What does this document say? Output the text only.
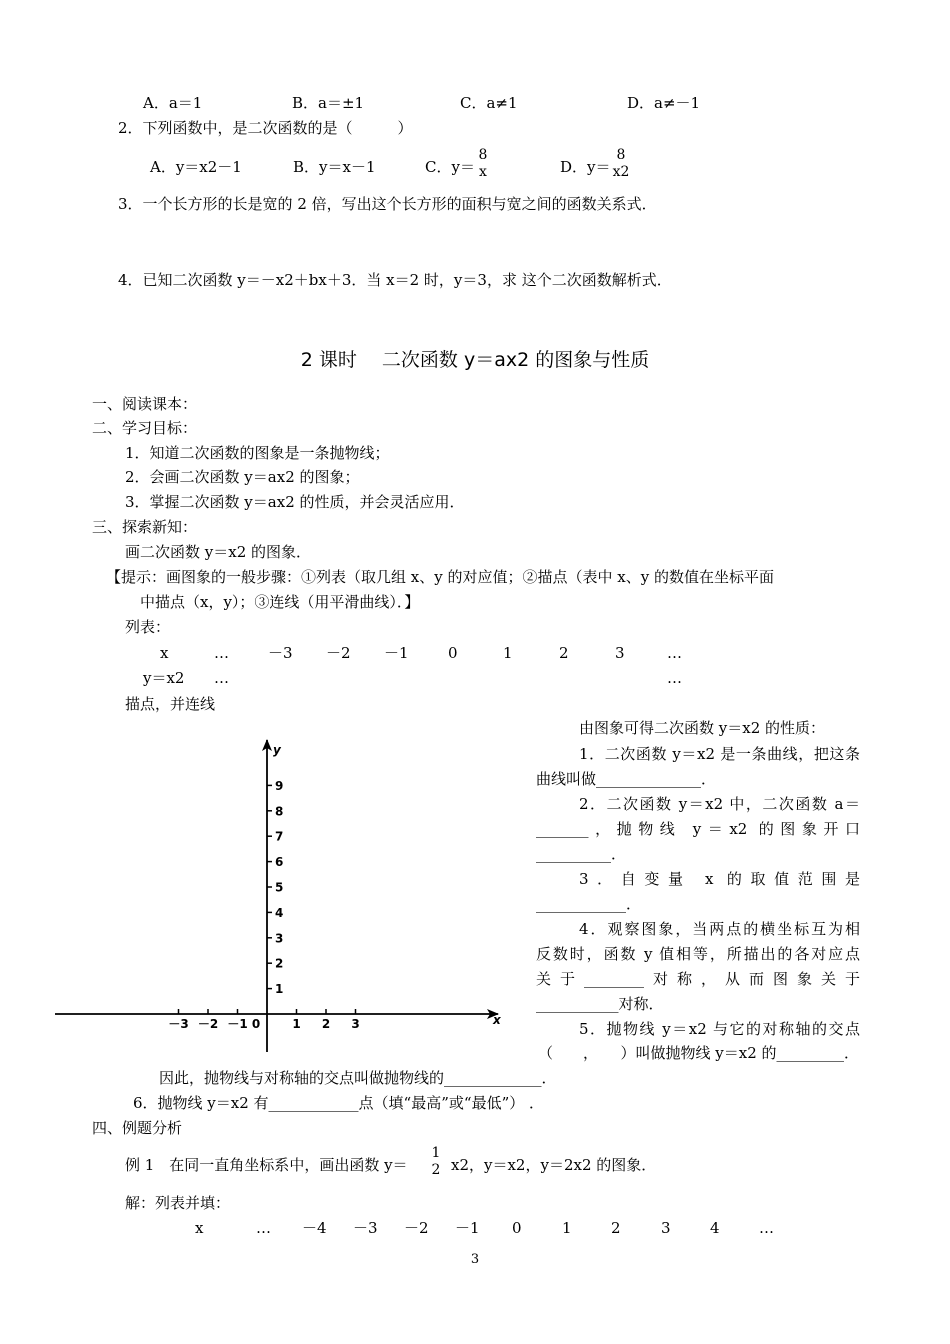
A．a＝1	B．a＝±1	C．a≠1	D．a≠－1
2．下列函数中，是二次函数的是（　　　）
A．y＝x2－1	B．y＝x－1	C．y＝
8
x	D．y＝
8
x2
3．一个长方形的长是宽的 2 倍，写出这个长方形的面积与宽之间的函数关系式．
4．已知二次函数 y＝－x2＋bx＋3．当 x＝2 时，y＝3，求 这个二次函数解析式．
2 课时　 二次函数 y＝ax2 的图象与性质
一、阅读课本：
二、学习目标：
1．知道二次函数的图象是一条抛物线；
2．会画二次函数 y＝ax2 的图象；
3．掌握二次函数 y＝ax2 的性质，并会灵活应用．
三、探索新知：
画二次函数 y＝x2 的图象．
【提示：画图象的一般步骤：①列表（取几组 x、y 的对应值；②描点（表中 x、y 的数值在坐标平面
中描点（x，y）；③连线（用平滑曲线）．】
列表：
x	…	－3 －2 －1	0	1	2	3	…
y＝x2 …	…
描点，并连线
9
8
7
6
5
4
3
2
1
－3 －2 －1 0	1 2 3	x
y
由图象可得二次函数 y＝x2 的性质：
1．二次函数 y＝x2 是一条曲线，把这条
曲线叫做______________．
2．二次函数 y＝x2 中，二次函数 a＝
_______，抛物线 y＝x2 的图象开口
__________．
3．自变量 x 的取值范围是
____________．
4．观察图象，当两点的横坐标互为相
反数时，函数 y 值相等，所描出的各对应点
关于________对称，从而图象关于
___________对称．
5．抛物线 y＝x2 与它的对称轴的交点
（　　，　　）叫做抛物线 y＝x2 的_________．
因此，抛物线与对称轴的交点叫做抛物线的_____________．
6．抛物线 y＝x2 有____________点（填“最高”或“最低”） ．
四、例题分析
例 1　在同一直角坐标系中，画出函数 y＝
1
2 x2，y＝x2，y＝2x2 的图象．
解：列表并填：
x	… －4 －3 －2 －1 0	1	2	3	4	…
3
